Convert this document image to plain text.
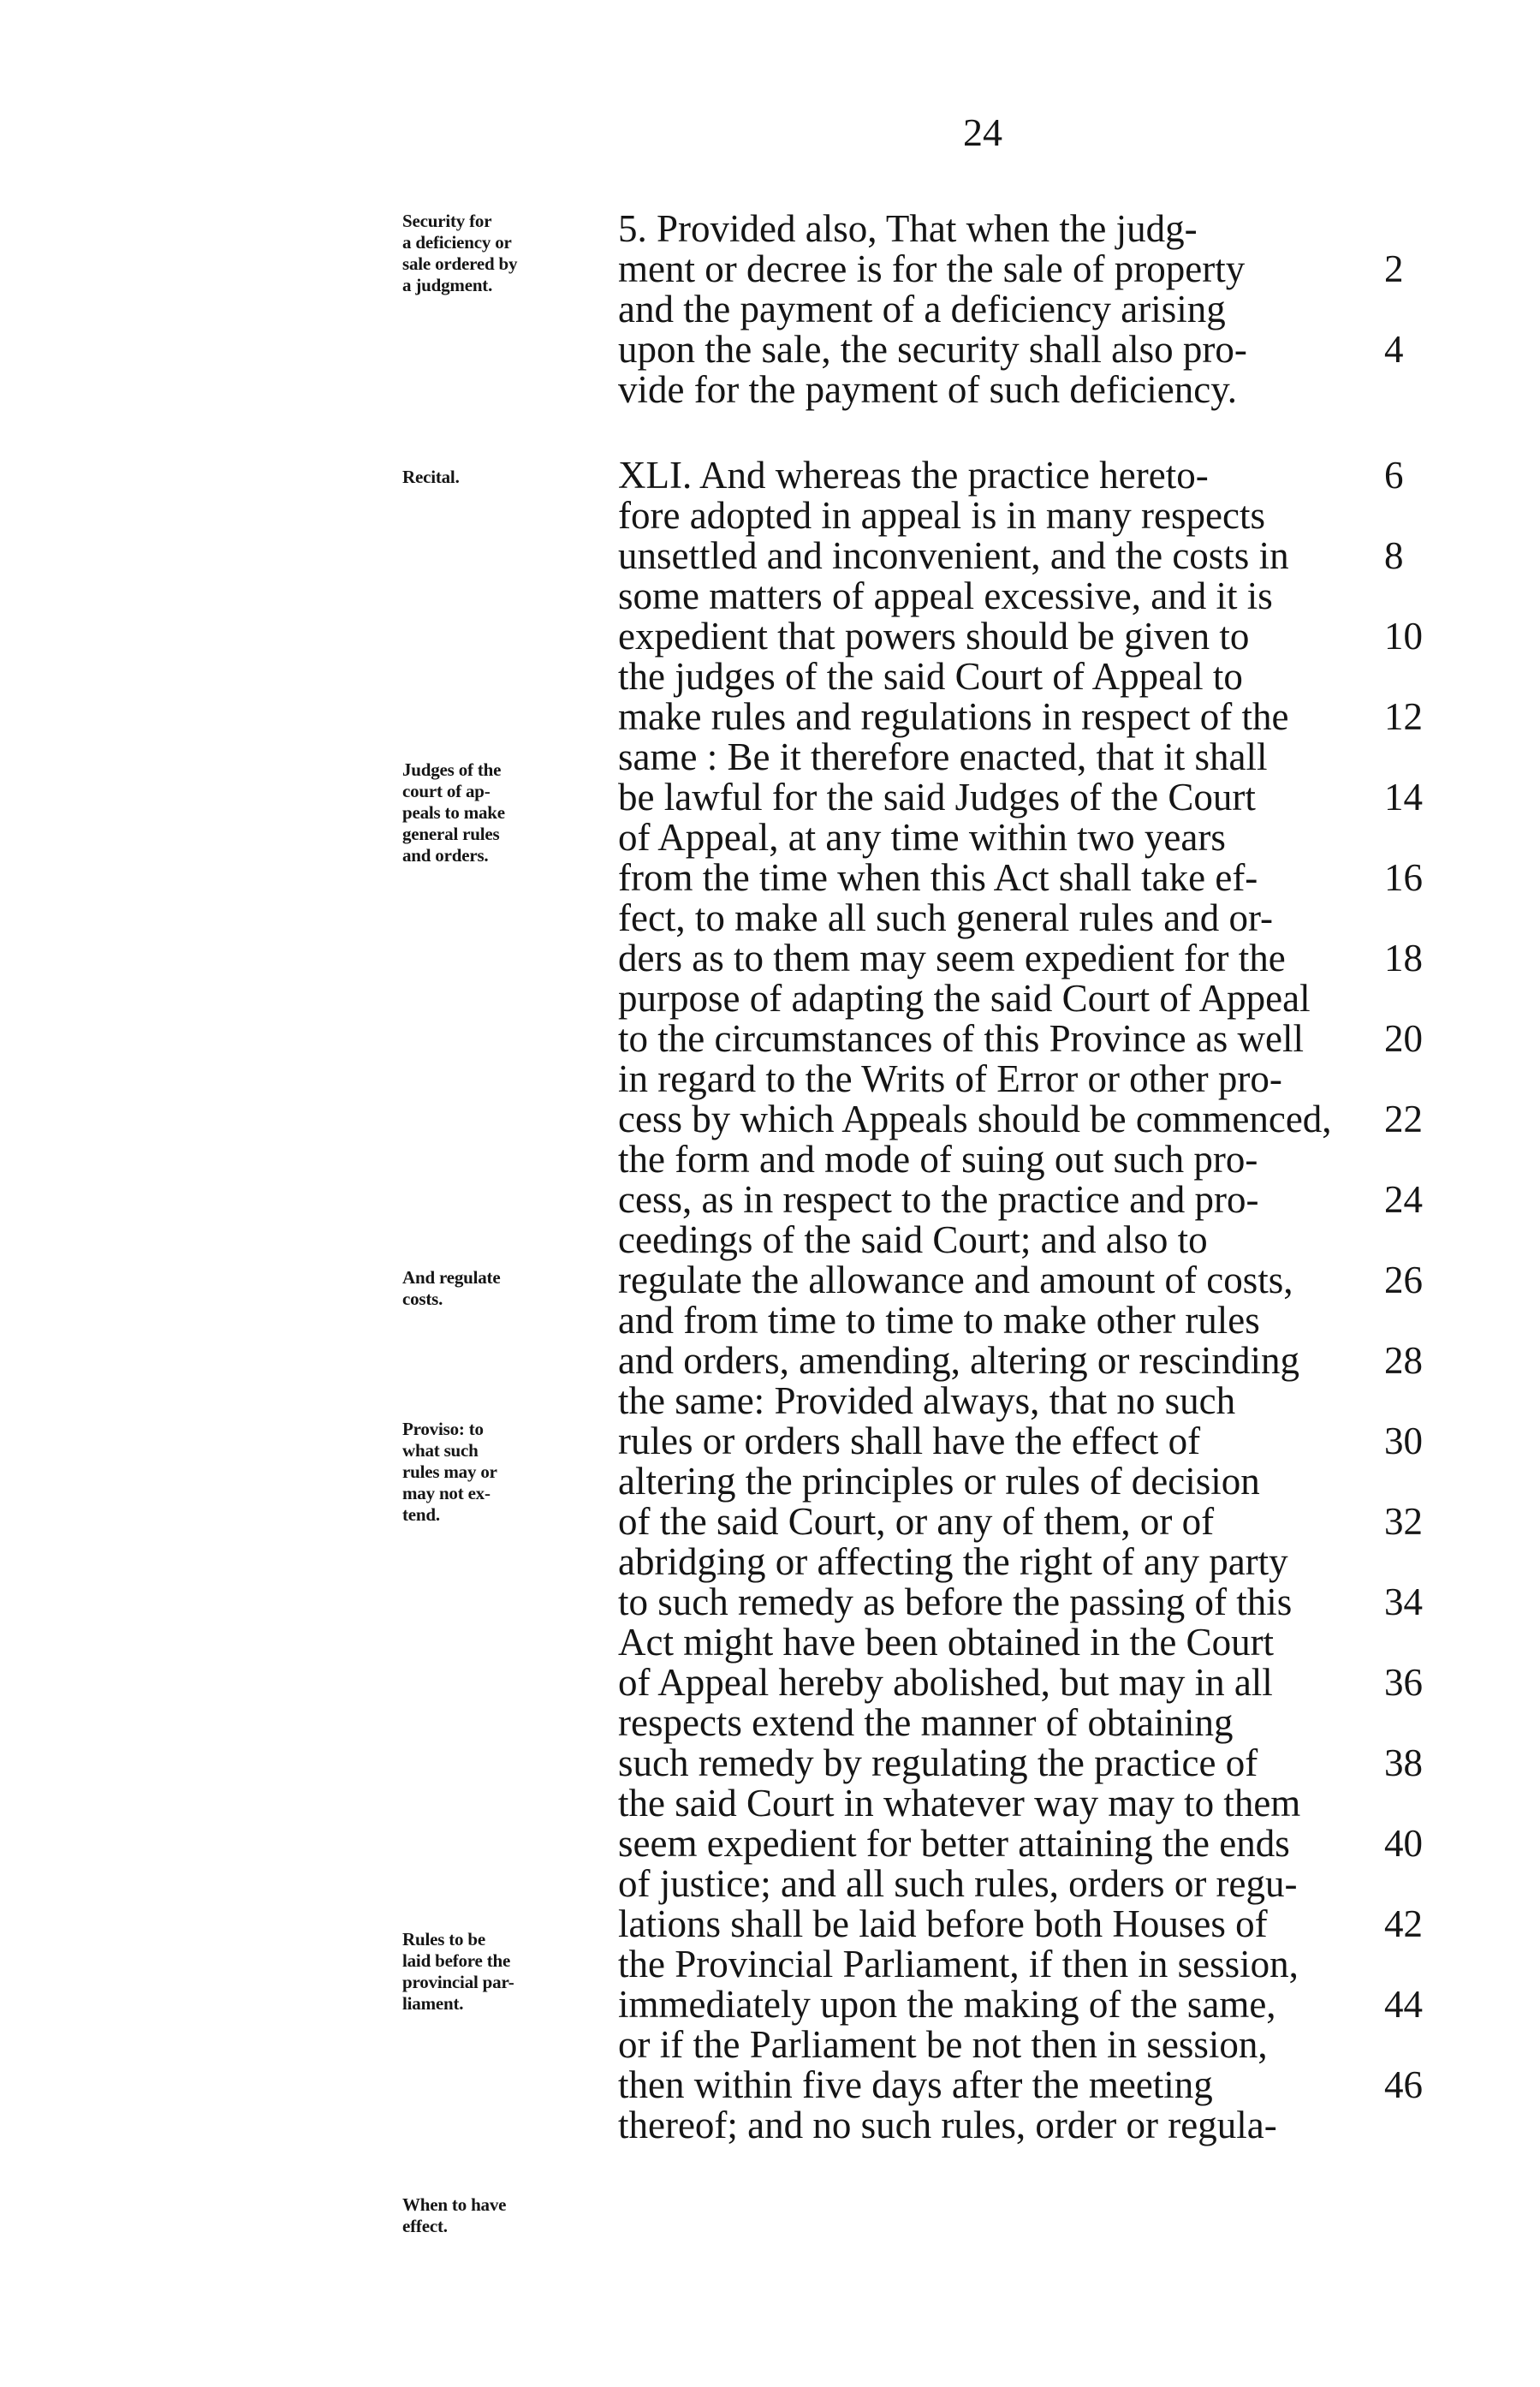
24
Security for
a deficiency or
sale ordered by
a judgment.
Recital.
Judges of the
court of ap-
peals to make
general rules
and orders.
And regulate
costs.
Proviso: to
what such
rules may or
may not ex-
tend.
Rules to be
laid before the
provincial par-
liament.
When to have
effect.
5. Provided also, That when the judg-
ment or decree is for the sale of property	2
and the payment of a deficiency arising
upon the sale, the security shall also pro-	4
vide for the payment of such deficiency.
XLI. And whereas the practice hereto-	6
fore adopted in appeal is in many respects
unsettled and inconvenient, and the costs in	8
some matters of appeal excessive, and it is
expedient that powers should be given to	10
the judges of the said Court of Appeal to
make rules and regulations in respect of the	12
same : Be it therefore enacted, that it shall
be lawful for the said Judges of the Court	14
of Appeal, at any time within two years
from the time when this Act shall take ef-	16
fect, to make all such general rules and or-
ders as to them may seem expedient for the	18
purpose of adapting the said Court of Appeal
to the circumstances of this Province as well	20
in regard to the Writs of Error or other pro-
cess by which Appeals should be commenced,	22
the form and mode of suing out such pro-
cess, as in respect to the practice and pro-	24
ceedings of the said Court; and also to
regulate the allowance and amount of costs,	26
and from time to time to make other rules
and orders, amending, altering or rescinding	28
the same: Provided always, that no such
rules or orders shall have the effect of	30
altering the principles or rules of decision
of the said Court, or any of them, or of	32
abridging or affecting the right of any party
to such remedy as before the passing of this	34
Act might have been obtained in the Court
of Appeal hereby abolished, but may in all	36
respects extend the manner of obtaining
such remedy by regulating the practice of	38
the said Court in whatever way may to them
seem expedient for better attaining the ends	40
of justice; and all such rules, orders or regu-
lations shall be laid before both Houses of	42
the Provincial Parliament, if then in session,
immediately upon the making of the same,	44
or if the Parliament be not then in session,
then within five days after the meeting	46
thereof; and no such rules, order or regula-
